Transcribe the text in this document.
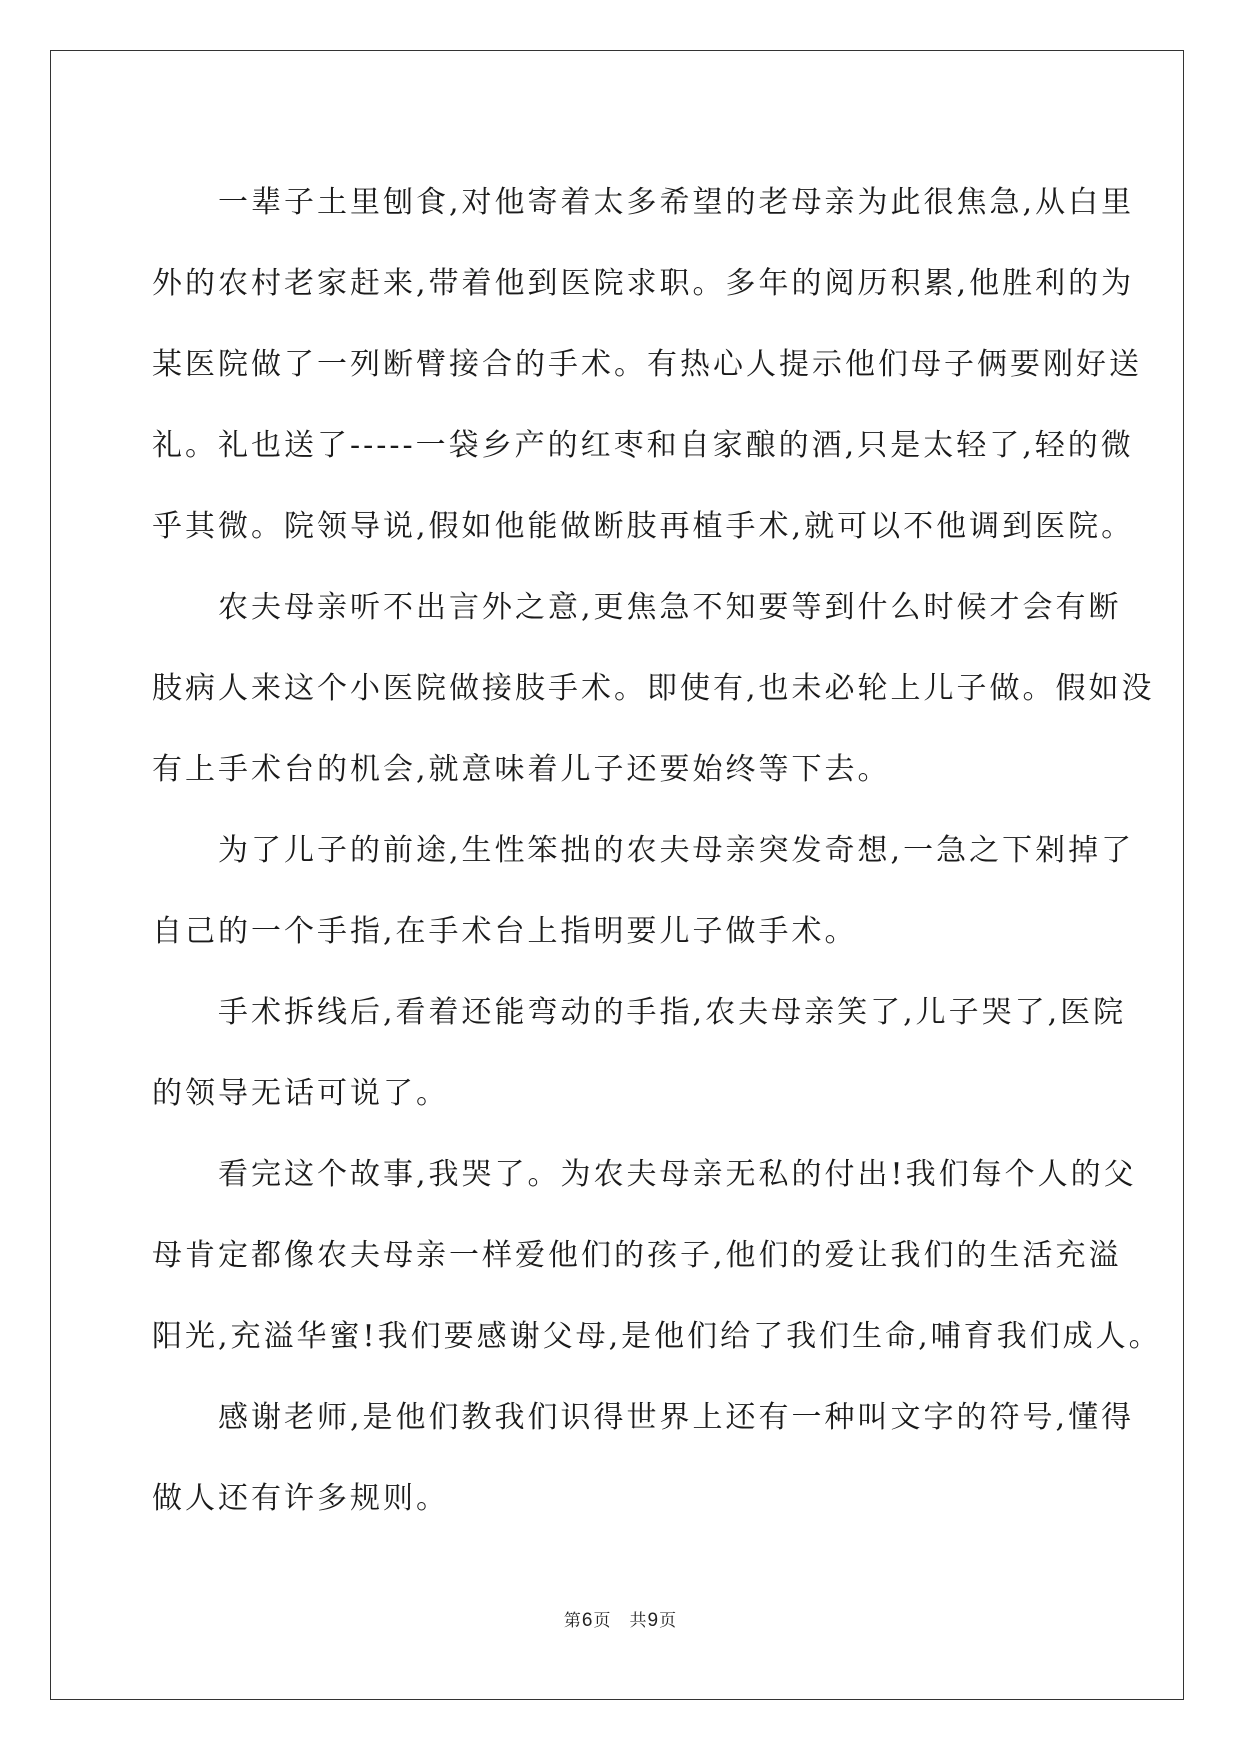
一辈子土里刨食,对他寄着太多希望的老母亲为此很焦急,从白里
外的农村老家赶来,带着他到医院求职。多年的阅历积累,他胜利的为
某医院做了一列断臂接合的手术。有热心人提示他们母子俩要刚好送
礼。礼也送了-----一袋乡产的红枣和自家酿的酒,只是太轻了,轻的微
乎其微。院领导说,假如他能做断肢再植手术,就可以不他调到医院。

农夫母亲听不出言外之意,更焦急不知要等到什么时候才会有断
肢病人来这个小医院做接肢手术。即使有,也未必轮上儿子做。假如没
有上手术台的机会,就意味着儿子还要始终等下去。

为了儿子的前途,生性笨拙的农夫母亲突发奇想,一急之下剁掉了
自己的一个手指,在手术台上指明要儿子做手术。

手术拆线后,看着还能弯动的手指,农夫母亲笑了,儿子哭了,医院
的领导无话可说了。

看完这个故事,我哭了。为农夫母亲无私的付出!我们每个人的父
母肯定都像农夫母亲一样爱他们的孩子,他们的爱让我们的生活充溢
阳光,充溢华蜜!我们要感谢父母,是他们给了我们生命,哺育我们成人。

感谢老师,是他们教我们识得世界上还有一种叫文字的符号,懂得
做人还有许多规则。

第6页 共9页
